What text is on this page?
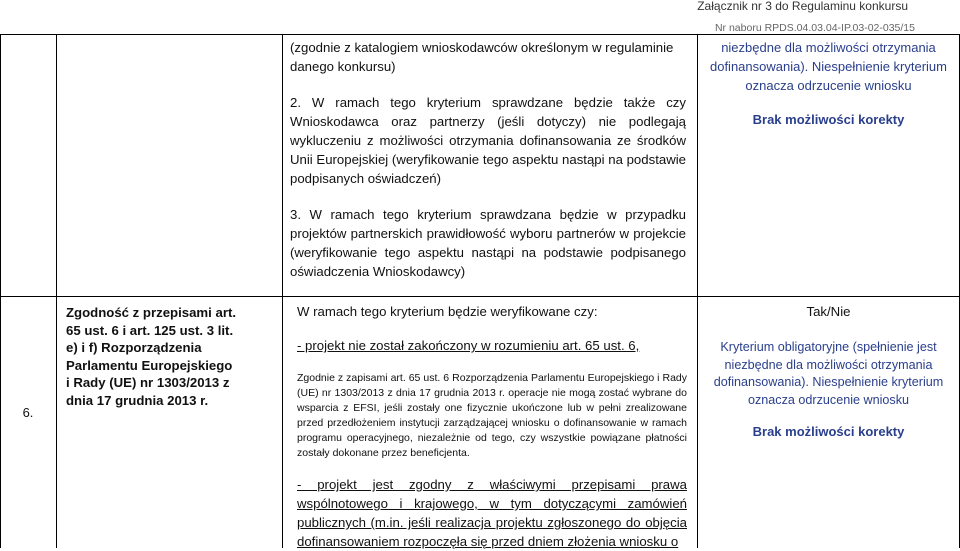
Załącznik nr 3 do Regulaminu konkursu
Nr naboru RPDS.04.03.04-IP.03-02-035/15

(zgodnie z katalogiem wnioskodawców określonym w regulaminie danego konkursu)

2. W ramach tego kryterium sprawdzane będzie także czy Wnioskodawca oraz partnerzy (jeśli dotyczy) nie podlegają wykluczeniu z możliwości otrzymania dofinansowania ze środków Unii Europejskiej (weryfikowanie tego aspektu nastąpi na podstawie podpisanych oświadczeń)

3. W ramach tego kryterium sprawdzana będzie w przypadku projektów partnerskich prawidłowość wyboru partnerów w projekcie (weryfikowanie tego aspektu nastąpi na podstawie podpisanego oświadczenia Wnioskodawcy)

niezbędne dla możliwości otrzymania
dofinansowania). Niespełnienie kryterium
oznacza odrzucenie wniosku
Brak możliwości korekty
6.
Zgodność z przepisami art. 65 ust. 6 i art. 125 ust. 3 lit. e) i f) Rozporządzenia Parlamentu Europejskiego i Rady (UE) nr 1303/2013 z dnia 17 grudnia 2013 r.

W ramach tego kryterium będzie weryfikowane czy:

- projekt nie został zakończony w rozumieniu art. 65 ust. 6,

Zgodnie z zapisami art. 65 ust. 6 Rozporządzenia Parlamentu Europejskiego i Rady (UE) nr 1303/2013 z dnia 17 grudnia 2013 r. operacje nie mogą zostać wybrane do wsparcia z EFSI, jeśli zostały one fizycznie ukończone lub w pełni zrealizowane przed przedłożeniem instytucji zarządzającej wniosku o dofinansowanie w ramach programu operacyjnego, niezależnie od tego, czy wszystkie powiązane płatności zostały dokonane przez beneficjenta.

- projekt jest zgodny z właściwymi przepisami prawa wspólnotowego i krajowego, w tym dotyczącymi zamówień publicznych (m.in. jeśli realizacja projektu zgłoszonego do objęcia dofinansowaniem rozpoczęła się przed dniem złożenia wniosku o

Tak/Nie
Kryterium obligatoryjne (spełnienie jest niezbędne dla możliwości otrzymania dofinansowania). Niespełnienie kryterium oznacza odrzucenie wniosku
Brak możliwości korekty
